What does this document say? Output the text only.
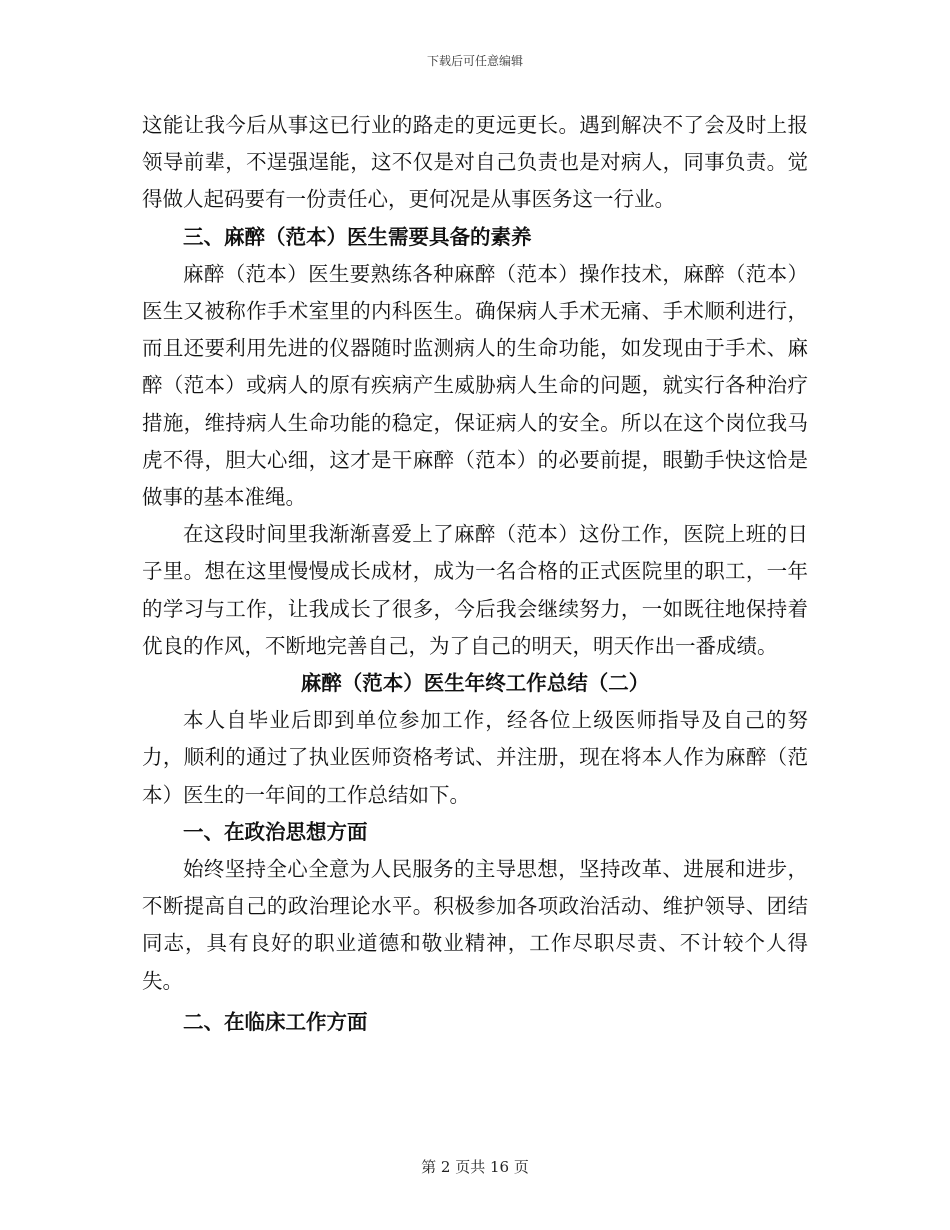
下载后可任意编辑

这能让我今后从事这已行业的路走的更远更长。遇到解决不了会及时上报领导前辈，不逞强逞能，这不仅是对自己负责也是对病人，同事负责。觉得做人起码要有一份责任心，更何况是从事医务这一行业。

三、麻醉（范本）医生需要具备的素养

麻醉（范本）医生要熟练各种麻醉（范本）操作技术，麻醉（范本）医生又被称作手术室里的内科医生。确保病人手术无痛、手术顺利进行，而且还要利用先进的仪器随时监测病人的生命功能，如发现由于手术、麻醉（范本）或病人的原有疾病产生威胁病人生命的问题，就实行各种治疗措施，维持病人生命功能的稳定，保证病人的安全。所以在这个岗位我马虎不得，胆大心细，这才是干麻醉（范本）的必要前提，眼勤手快这恰是做事的基本准绳。

在这段时间里我渐渐喜爱上了麻醉（范本）这份工作，医院上班的日子里。想在这里慢慢成长成材，成为一名合格的正式医院里的职工，一年的学习与工作，让我成长了很多，今后我会继续努力，一如既往地保持着优良的作风，不断地完善自己，为了自己的明天，明天作出一番成绩。

麻醉（范本）医生年终工作总结（二）

本人自毕业后即到单位参加工作，经各位上级医师指导及自己的努力，顺利的通过了执业医师资格考试、并注册，现在将本人作为麻醉（范本）医生的一年间的工作总结如下。

一、在政治思想方面

始终坚持全心全意为人民服务的主导思想，坚持改革、进展和进步，不断提高自己的政治理论水平。积极参加各项政治活动、维护领导、团结同志，具有良好的职业道德和敬业精神，工作尽职尽责、不计较个人得失。

二、在临床工作方面

第 2 页共 16 页
